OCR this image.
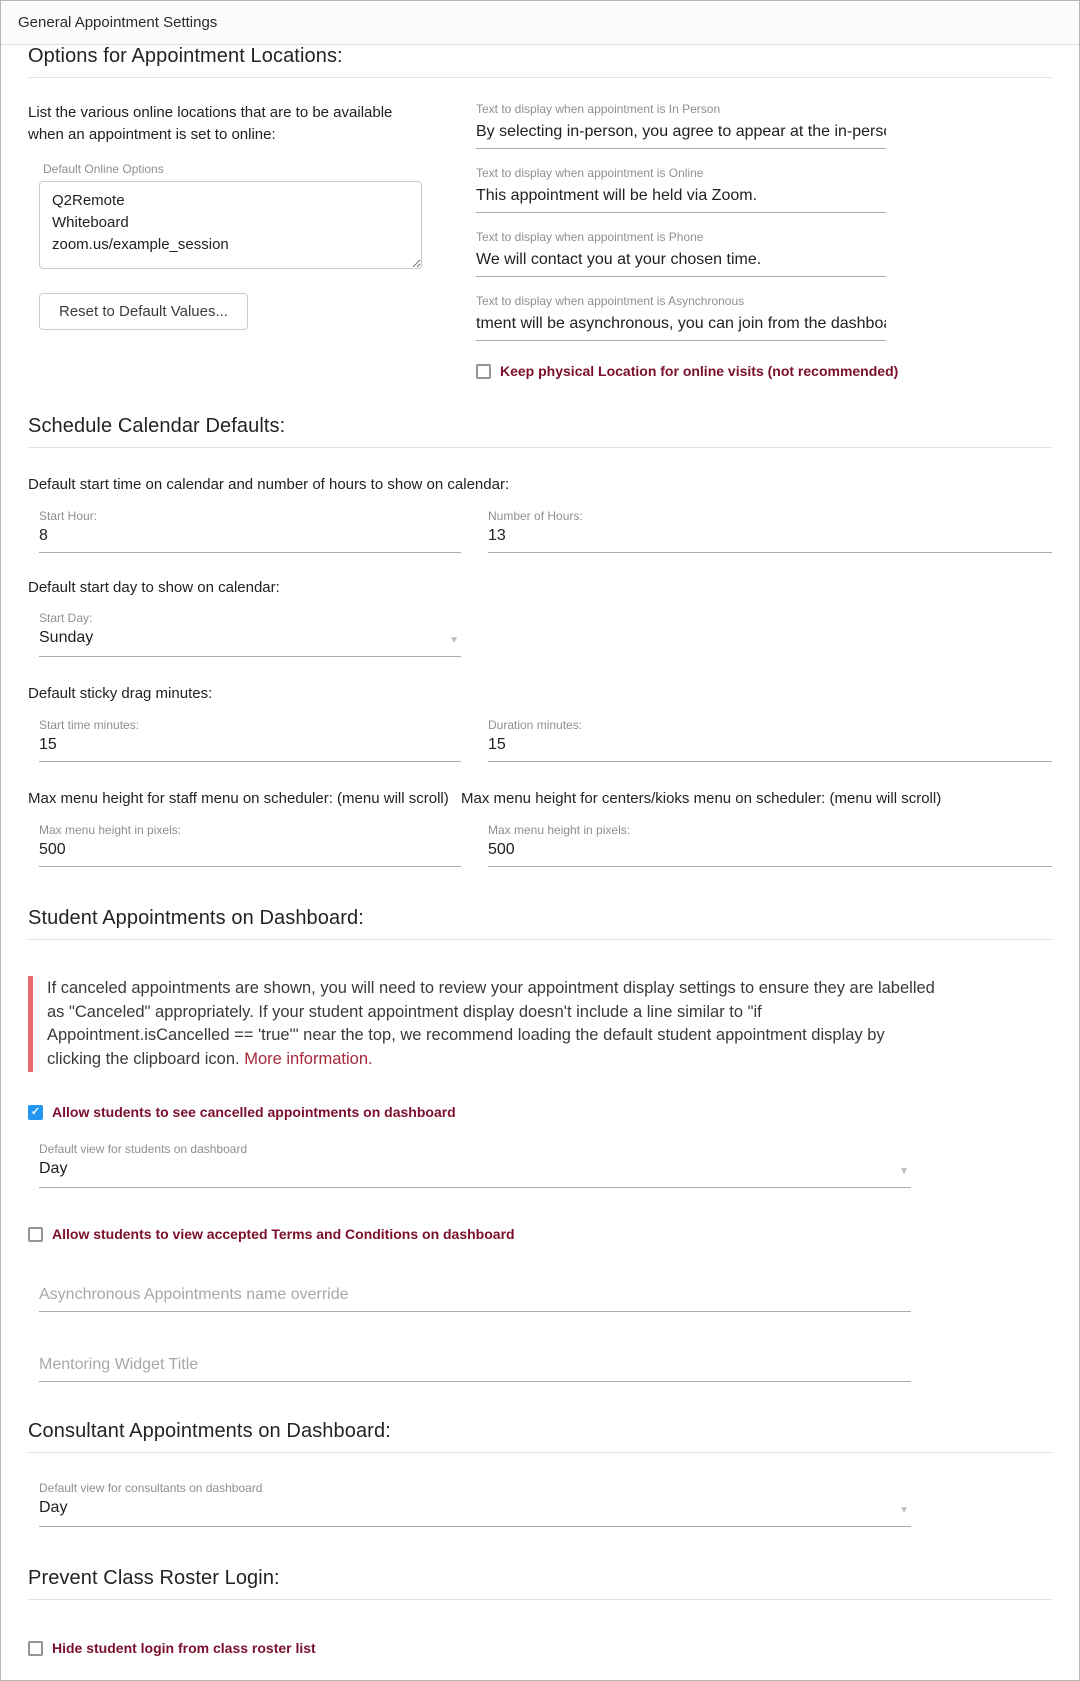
General Appointment Settings
Options for Appointment Locations:

List the various online locations that are to be available when an appointment is set to online:

Default Online Options
Q2Remote Whiteboard zoom.us/example_session Reset to Default Values...
Text to display when appointment is In Person
By selecting in-person, you agree to appear at the in-person loc
Text to display when appointment is Online
This appointment will be held via Zoom.
Text to display when appointment is Phone
We will contact you at your chosen time.
Text to display when appointment is Asynchronous
tment will be asynchronous, you can join from the dashboard.
Keep physical Location for online visits (not recommended)
Schedule Calendar Defaults:

Default start time on calendar and number of hours to show on calendar:

Start Hour:
8	Number of Hours:
13

Default start day to show on calendar:

Start Day:
Sunday	▼

Default sticky drag minutes:

Start time minutes:
15	Duration minutes:
15

Max menu height for staff menu on scheduler: (menu will scroll) Max menu height for centers/kioks menu on scheduler: (menu will scroll)

Max menu height in pixels:
500	Max menu height in pixels:
500
Student Appointments on Dashboard:
If canceled appointments are shown, you will need to review your appointment display settings to ensure they are labelled as "Canceled" appropriately. If your student appointment display doesn't include a line similar to "if Appointment.isCancelled == 'true'" near the top, we recommend loading the default student appointment display by clicking the clipboard icon. More information.
✓
Allow students to see cancelled appointments on dashboard
Default view for students on dashboard
Day	▼
Allow students to view accepted Terms and Conditions on dashboard
Asynchronous Appointments name override
Mentoring Widget Title
Consultant Appointments on Dashboard:
Default view for consultants on dashboard
Day	▼
Prevent Class Roster Login:
Hide student login from class roster list
